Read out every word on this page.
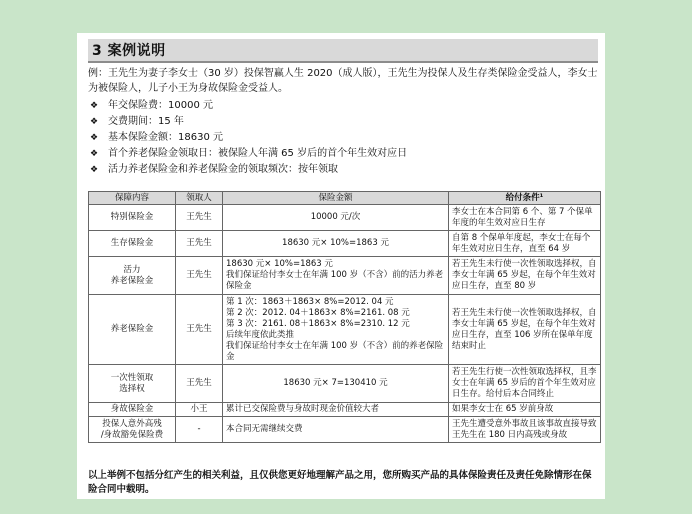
3 案例说明
例：王先生为妻子李女士（30 岁）投保智赢人生 2020（成人版），王先生为投保人及生存类保险金受益人，李女士为被保险人，儿子小王为身故保险金受益人。
❖ 年交保险费：10000 元
❖ 交费期间：15 年
❖ 基本保险金额：18630 元
❖ 首个养老保险金领取日：被保险人年满 65 岁后的首个年生效对应日
❖ 活力养老保险金和养老保险金的领取频次：按年领取
保障内容	领取人	保险金额	给付条件¹
特别保险金	王先生	10000 元/次	李女士在本合同第 6 个、第 7 个保单年度的年生效对应日生存
生存保险金	王先生	18630 元× 10%=1863 元	自第 8 个保单年度起，李女士在每个年生效对应日生存，直至 64 岁
活力
养老保险金	王先生	18630 元× 10%=1863 元
我们保证给付李女士在年满 100 岁（不含）前的活力养老保险金	若王先生未行使一次性领取选择权，自李女士年满 65 岁起，在每个年生效对应日生存，直至 80 岁
养老保险金	王先生	第 1 次：1863＋1863× 8%=2012. 04 元
第 2 次：2012. 04＋1863× 8%=2161. 08 元
第 3 次：2161. 08＋1863× 8%=2310. 12 元
后续年度依此类推
我们保证给付李女士在年满 100 岁（不含）前的养老保险金	若王先生未行使一次性领取选择权，自李女士年满 65 岁起，在每个年生效对应日生存，直至 106 岁所在保单年度结束时止
一次性领取
选择权	王先生	18630 元× 7=130410 元	若王先生行使一次性领取选择权，且李女士在年满 65 岁后的首个年生效对应日生存。给付后本合同终止
身故保险金	小王	累计已交保险费与身故时现金价值较大者	如果李女士在 65 岁前身故
投保人意外高残
/身故豁免保险费	-	本合同无需继续交费	王先生遭受意外事故且该事故直接导致王先生在 180 日内高残或身故
以上举例不包括分红产生的相关利益，且仅供您更好地理解产品之用，您所购买产品的具体保险责任及责任免除情形在保险合同中载明。
